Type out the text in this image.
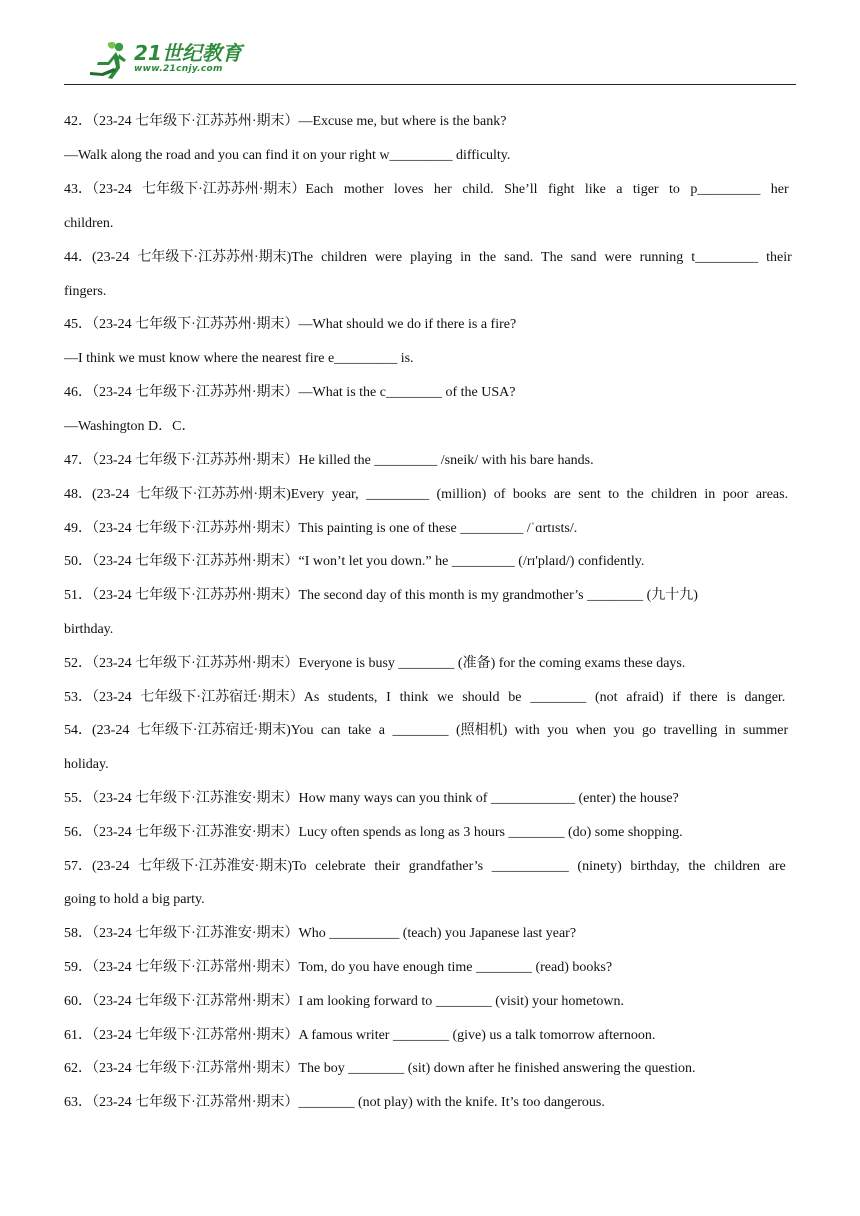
21世纪教育
www.21cnjy.com
42．（23-24 七年级下·江苏苏州·期末）—Excuse me, but where is the bank?
—Walk along the road and you can find it on your right w_________ difficulty.
43．（23-24 七年级下·江苏苏州·期末）Each mother loves her child. She’ll fight like a tiger to p_________ her
children.
44．(23-24 七年级下·江苏苏州·期末)The children were playing in the sand. The sand were running t_________ their
fingers.
45．（23-24 七年级下·江苏苏州·期末）—What should we do if there is a fire?
—I think we must know where the nearest fire e_________ is.
46．（23-24 七年级下·江苏苏州·期末）—What is the c________ of the USA?
—Washington D．C．
47．（23-24 七年级下·江苏苏州·期末）He killed the _________ /sneik/ with his bare hands.
48．(23-24 七年级下·江苏苏州·期末)Every year, _________ (million) of books are sent to the children in poor areas.
49．（23-24 七年级下·江苏苏州·期末）This painting is one of these _________ /ˈɑrtɪsts/.
50．（23-24 七年级下·江苏苏州·期末）“I won’t let you down.” he _________ (/rɪ'plaɪd/) confidently.
51．（23-24 七年级下·江苏苏州·期末）The second day of this month is my grandmother’s ________ (九十九)
birthday.
52．（23-24 七年级下·江苏苏州·期末）Everyone is busy ________ (准备) for the coming exams these days.
53．（23-24 七年级下·江苏宿迁·期末）As students, I think we should be ________ (not afraid) if there is danger.
54．(23-24 七年级下·江苏宿迁·期末)You can take a ________ (照相机) with you when you go travelling in summer
holiday.
55．（23-24 七年级下·江苏淮安·期末）How many ways can you think of ____________ (enter) the house?
56．（23-24 七年级下·江苏淮安·期末）Lucy often spends as long as 3 hours ________ (do) some shopping.
57．(23-24 七年级下·江苏淮安·期末)To celebrate their grandfather’s ___________ (ninety) birthday, the children are
going to hold a big party.
58．（23-24 七年级下·江苏淮安·期末）Who __________ (teach) you Japanese last year?
59．（23-24 七年级下·江苏常州·期末）Tom, do you have enough time ________ (read) books?
60．（23-24 七年级下·江苏常州·期末）I am looking forward to ________ (visit) your hometown.
61．（23-24 七年级下·江苏常州·期末）A famous writer ________ (give) us a talk tomorrow afternoon.
62．（23-24 七年级下·江苏常州·期末）The boy ________ (sit) down after he finished answering the question.
63．（23-24 七年级下·江苏常州·期末）________ (not play) with the knife. It’s too dangerous.
